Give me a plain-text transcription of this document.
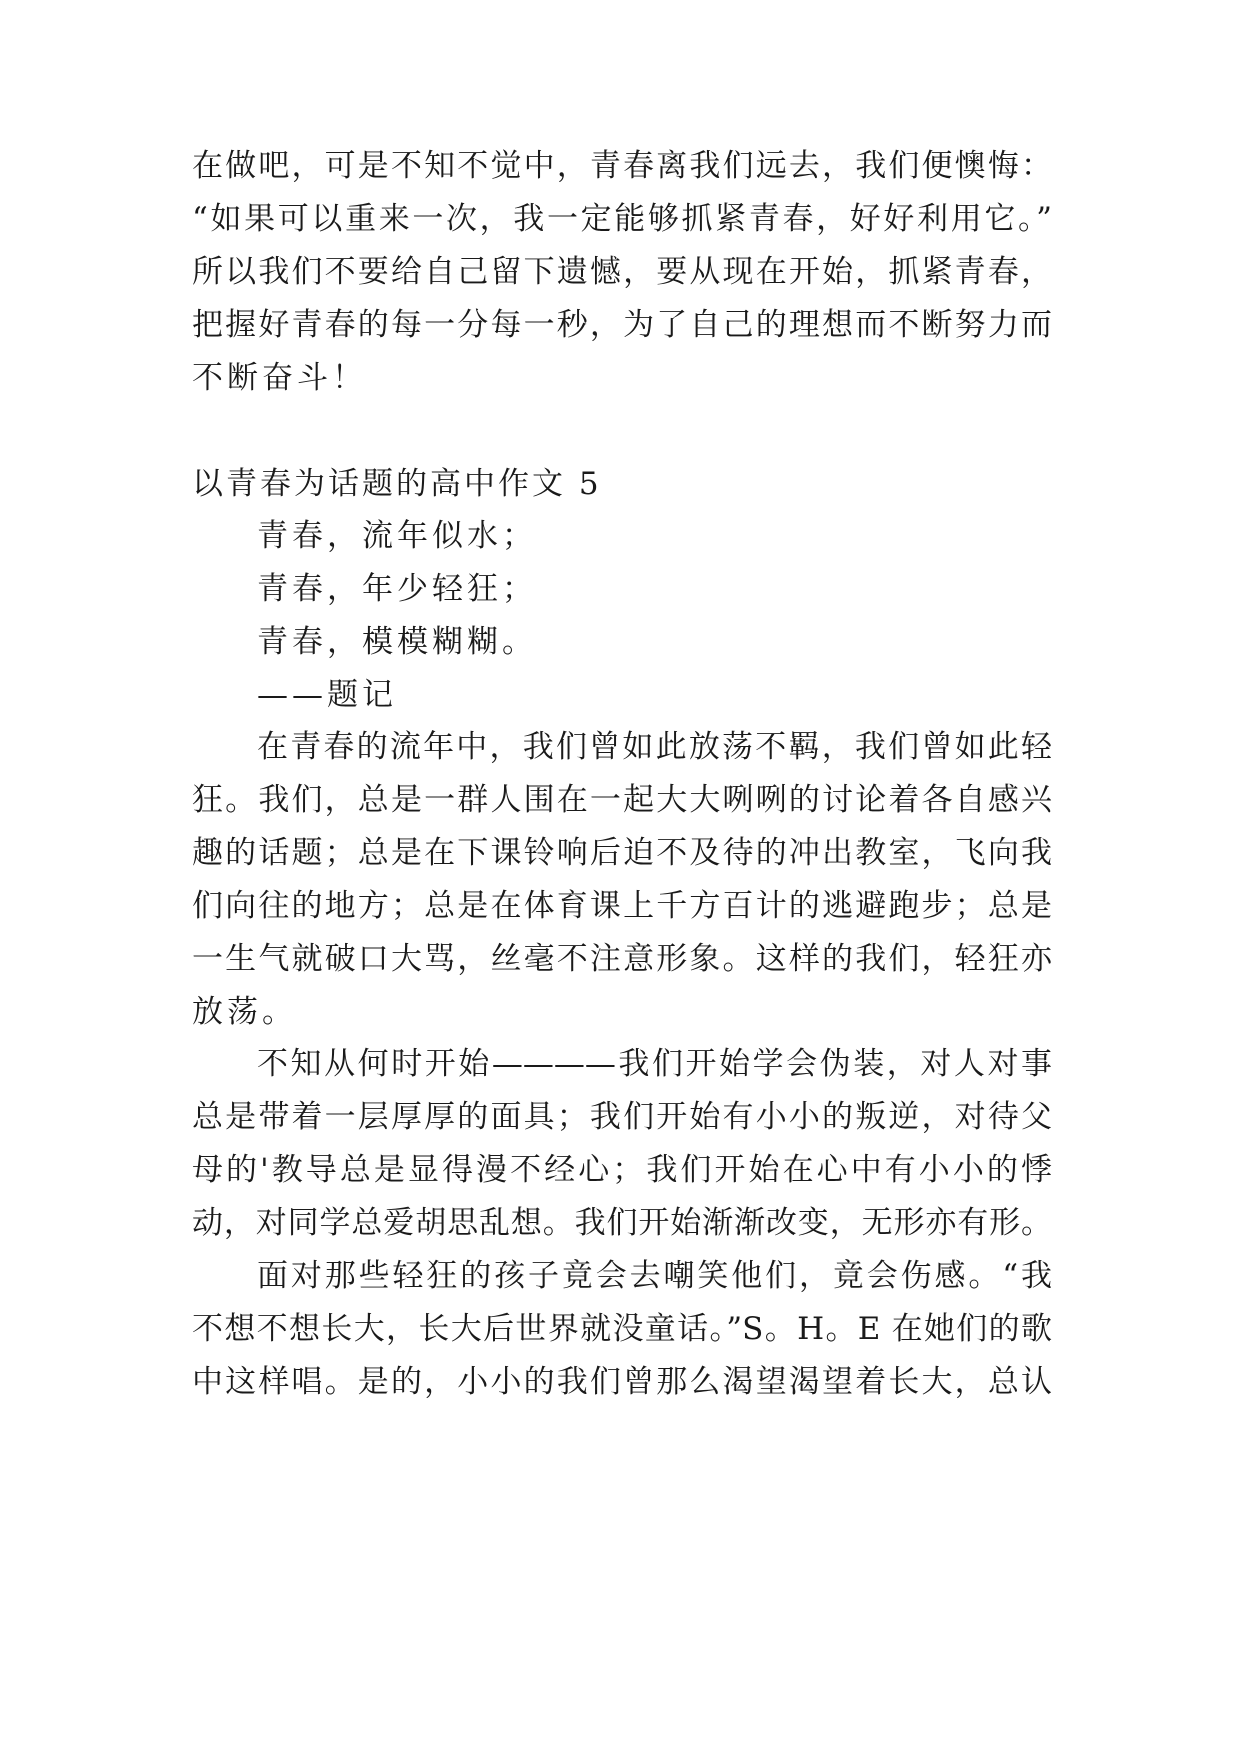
在做吧，可是不知不觉中，青春离我们远去，我们便懊悔：
“如果可以重来一次，我一定能够抓紧青春，好好利用它。”
所以我们不要给自己留下遗憾，要从现在开始，抓紧青春，
把握好青春的每一分每一秒，为了自己的理想而不断努力而
不断奋斗！
以青春为话题的高中作文 5
青春，流年似水；
青春，年少轻狂；
青春，模模糊糊。
——题记
在青春的流年中，我们曾如此放荡不羁，我们曾如此轻
狂。我们，总是一群人围在一起大大咧咧的讨论着各自感兴
趣的话题；总是在下课铃响后迫不及待的冲出教室，飞向我
们向往的地方；总是在体育课上千方百计的逃避跑步；总是
一生气就破口大骂，丝毫不注意形象。这样的我们，轻狂亦
放荡。
不知从何时开始————我们开始学会伪装，对人对事
总是带着一层厚厚的面具；我们开始有小小的叛逆，对待父
母的'教导总是显得漫不经心；我们开始在心中有小小的悸
动，对同学总爱胡思乱想。我们开始渐渐改变，无形亦有形。
面对那些轻狂的孩子竟会去嘲笑他们，竟会伤感。“我
不想不想长大，长大后世界就没童话。”S。H。E 在她们的歌
中这样唱。是的，小小的我们曾那么渴望渴望着长大，总认
